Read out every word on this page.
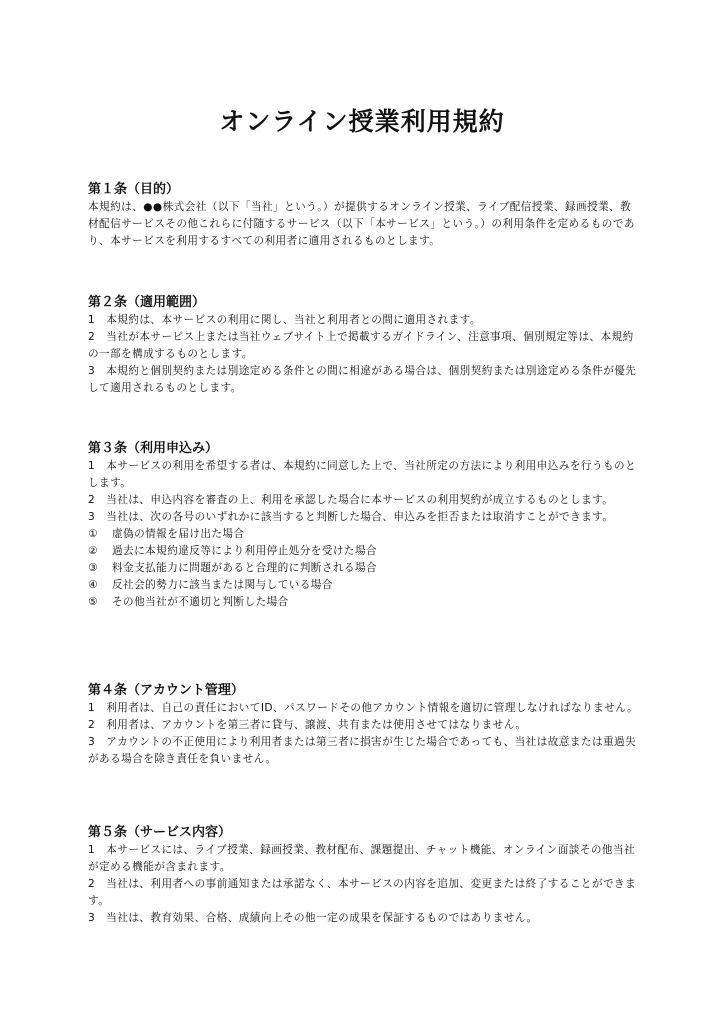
オンライン授業利用規約
第１条（目的）

本規約は、●●株式会社（以下「当社」という。）が提供するオンライン授業、ライブ配信授業、録画授業、教材配信サービスその他これらに付随するサービス（以下「本サービス」という。）の利用条件を定めるものであり、本サービスを利用するすべての利用者に適用されるものとします。

第２条（適用範囲）

1　本規約は、本サービスの利用に関し、当社と利用者との間に適用されます。

2　当社が本サービス上または当社ウェブサイト上で掲載するガイドライン、注意事項、個別規定等は、本規約の一部を構成するものとします。

3　本規約と個別契約または別途定める条件との間に相違がある場合は、個別契約または別途定める条件が優先して適用されるものとします。

第３条（利用申込み）

1　本サービスの利用を希望する者は、本規約に同意した上で、当社所定の方法により利用申込みを行うものとします。

2　当社は、申込内容を審査の上、利用を承認した場合に本サービスの利用契約が成立するものとします。

3　当社は、次の各号のいずれかに該当すると判断した場合、申込みを拒否または取消すことができます。

①	虚偽の情報を届け出た場合
②	過去に本規約違反等により利用停止処分を受けた場合
③	料金支払能力に問題があると合理的に判断される場合
④	反社会的勢力に該当または関与している場合
⑤	その他当社が不適切と判断した場合
第４条（アカウント管理）

1　利用者は、自己の責任においてID、パスワードその他アカウント情報を適切に管理しなければなりません。

2　利用者は、アカウントを第三者に貸与、譲渡、共有または使用させてはなりません。

3　アカウントの不正使用により利用者または第三者に損害が生じた場合であっても、当社は故意または重過失がある場合を除き責任を負いません。

第５条（サービス内容）

1　本サービスには、ライブ授業、録画授業、教材配布、課題提出、チャット機能、オンライン面談その他当社が定める機能が含まれます。

2　当社は、利用者への事前通知または承諾なく、本サービスの内容を追加、変更または終了することができます。

3　当社は、教育効果、合格、成績向上その他一定の成果を保証するものではありません。
